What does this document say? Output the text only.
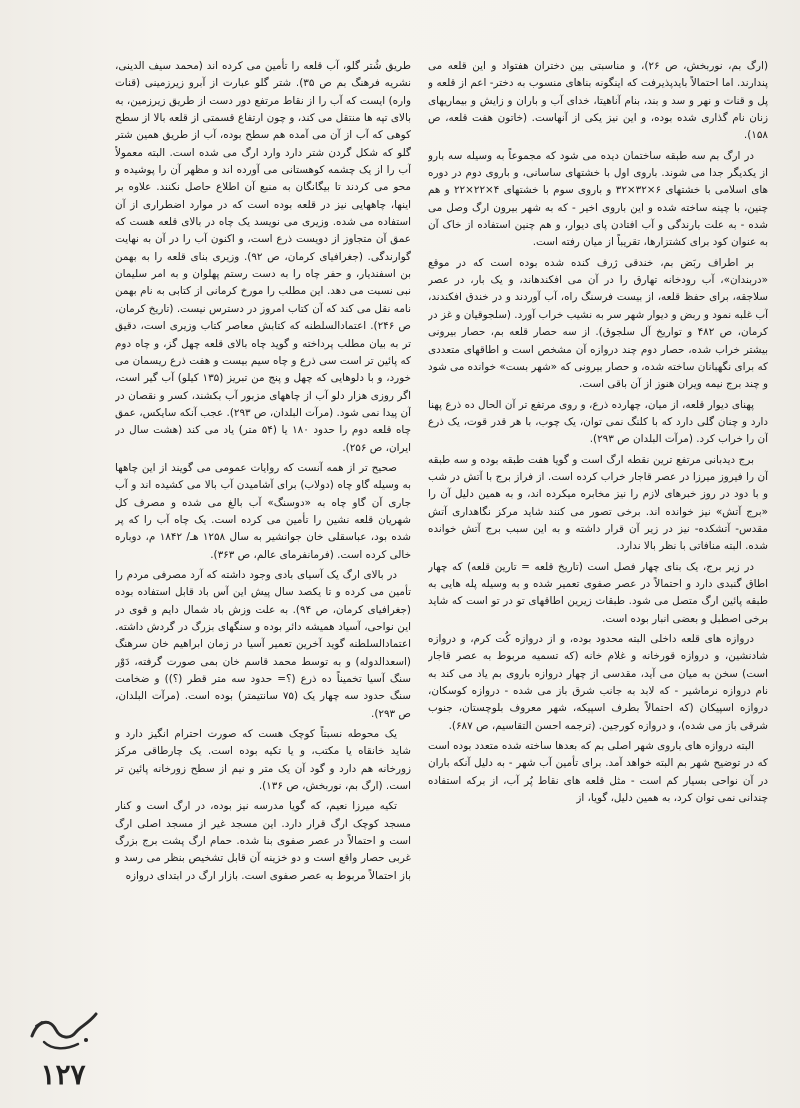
(ارگ بم، نوربخش، ص ۲۶)، و مناسبتی بین دختران هفتواد و این قلعه می پندارند. اما احتمالاً بایدپذیرفت که اینگونه بناهای منسوب به دختر- اعم از قلعه و پل و قنات و نهر و سد و بند، بنام آناهیتا، خدای آب و باران و زایش و بیماریهای زنان نام گذاری شده بوده، و این نیز یکی از آنهاست. (خاتون هفت قلعه، ص ۱۵۸).

در ارگ بم سه طبقه ساختمان دیده می شود که مجموعاً به وسیله سه بارو از یکدیگر جدا می شوند. باروی اول با خشتهای ساسانی، و باروی دوم در دوره های اسلامی با خشتهای ۶×۳۲×۳۲ و باروی سوم با خشتهای ۴×۲۲×۲۲ و هم چنین، با چینه ساخته شده و این باروی اخیر - که به شهر بیرون ارگ وصل می شده - به علت بارندگی و آب افتادن پای دیوار، و هم چنین استفاده از خاک آن به عنوان کود برای کشتزارها، تقریباً از میان رفته است.

بر اطراف ربَض بم، خندقی ژرف کنده شده بوده است که در موقع «دربندان»، آب رودخانه تهارق را در آن می افکندهاند، و یک بار، در عصر سلاجقه، برای حفظ قلعه، از بیست فرسنگ راه، آب آوردند و در خندق افکندند، آب غلبه نمود و ربض و دیوار شهر سر به نشیب خراب آورد. (سلجوقیان و غز در کرمان، ص ۴۸۲ و تواریخ آل سلجوق). از سه حصار قلعه بم، حصار بیرونی بیشتر خراب شده، حصار دوم چند دروازه آن مشخص است و اطاقهای متعددی که برای نگهبانان ساخته شده، و حصار بیرونی که «شهر بست» خوانده می شود و چند برج نیمه ویران هنوز از آن باقی است.

پهنای دیوار قلعه، از میان، چهارده ذرع، و روی مرتفع تر آن الحال ده ذرع پهنا دارد و چنان گلی دارد که با کلنگ نمی توان، یک چوب، با هر قدر قوت، یک ذرع آن را خراب کرد. (مرآت البلدان ص ۲۹۳).

برج دیدبانی مرتفع ترین نقطه ارگ است و گویا هفت طبقه بوده و سه طبقه آن را فیروز میرزا در عصر قاجار خراب کرده است. از فراز برج با آتش در شب و با دود در روز خبرهای لازم را نیز مخابره میکرده اند، و به همین دلیل آن را «برج آتش» نیز خوانده اند. برخی تصور می کنند شاید مرکز نگاهداری آتش مقدس- آتشکده- نیز در زیر آن قرار داشته و به این سبب برج آتش خوانده شده. البته منافاتی با نظر بالا ندارد.

در زیر برج، یک بنای چهار فصل است (تاریخ قلعه = تارین قلعه) که چهار اطاق گنبدی دارد و احتمالاً در عصر صفوی تعمیر شده و به وسیله پله هایی به طبقه پائین ارگ متصل می شود. طبقات زیرین اطاقهای تو در تو است که شاید برخی اصطبل و بعضی انبار بوده است.

دروازه های قلعه داخلی البته محدود بوده، و از دروازه کُت کرم، و دروازه شادنشین، و دروازه قورخانه و غلام خانه (که تسمیه مربوط به عصر قاجار است) سخن به میان می آید، مقدسی از چهار دروازه باروی بم یاد می کند به نام دروازه نرماشیر - که لابد به جانب شرق باز می شده - دروازه کوسکان، دروازه اسپیکان (که احتمالاً بطرف اسپیکه، شهر معروف بلوچستان، جنوب شرقی باز می شده)، و دروازه کورجین. (ترجمه احسن التقاسیم، ص ۶۸۷).

البته دروازه های باروی شهر اصلی بم که بعدها ساخته شده متعدد بوده است که در توضیح شهر بم البته خواهد آمد. برای تأمین آب شهر - به دلیل آنکه باران در آن نواحی بسیار کم است - مثل قلعه های نقاط پُر آب، از برکه استفاده چندانی نمی توان کرد، به همین دلیل، گویا، از

طریق شُتر گلو، آب قلعه را تأمین می کرده اند (محمد سیف الدینی، نشریه فرهنگ بم ص ۳۵). شتر گلو عبارت از آبرو زیرزمینی (قنات واره) ایست که آب را از نقاط مرتفع دور دست از طریق زیرزمین، به بالای تپه ها منتقل می کند، و چون ارتفاع قسمتی از قلعه بالا از سطح کوهی که آب از آن می آمده هم سطح بوده، آب از طریق همین شتر گلو که شکل گردن شتر دارد وارد ارگ می شده است. البته معمولاً آب را از یک چشمه کوهستانی می آورده اند و مظهر آن را پوشیده و محو می کردند تا بیگانگان به منبع آن اطلاع حاصل نکنند. علاوه بر اینها، چاههایی نیز در قلعه بوده است که در موارد اضطراری از آن استفاده می شده. وزیری می نویسد یک چاه در بالای قلعه هست که عمق آن متجاوز از دویست ذرع است، و اکنون آب را در آن به نهایت گوارندگی. (جغرافیای کرمان، ص ۹۲). وزیری بنای قلعه را به بهمن بن اسفندیار، و حفر چاه را به دست رستم پهلوان و به امر سلیمان نبی نسبت می دهد. این مطلب را مورخ کرمانی از کتابی به نام بهمن نامه نقل می کند که آن کتاب امروز در دسترس نیست. (تاریخ کرمان، ص ۲۴۶). اعتمادالسلطنه که کتابش معاصر کتاب وزیری است، دقیق تر به بیان مطلب پرداخته و گوید چاه بالای قلعه چهل گز، و چاه دوم که پائین تر است سی ذرع و چاه سیم بیست و هفت ذرع ریسمان می خورد، و با دلوهایی که چهل و پنج من تبریز (۱۳۵ کیلو) آب گیر است، اگر روزی هزار دلو آب از چاههای مزبور آب بکشند، کسر و نقصان در آن پیدا نمی شود. (مرآت البلدان، ص ۲۹۳). عجب آنکه سایکس، عمق چاه قلعه دوم را حدود ۱۸۰ یا (۵۴ متر) یاد می کند (هشت سال در ایران، ص ۲۵۶).

صحیح تر از همه آنست که روایات عمومی می گویند از این چاهها به وسیله گاو چاه (دولاب) برای آشامیدن آب بالا می کشیده اند و آب جاری آن گاو چاه به «دوسنگ» آب بالغ می شده و مصرف کل شهریان قلعه نشین را تأمین می کرده است. یک چاه آب را که پر شده بود، عباسقلی خان جوانشیر به سال ۱۲۵۸ هـ/ ۱۸۴۲ م، دوباره خالی کرده است. (فرمانفرمای عالم، ص ۳۶۳).

در بالای ارگ یک آسیای بادی وجود داشته که آرد مصرفی مردم را تأمین می کرده و تا یکصد سال پیش این آس باد قابل استفاده بوده (جغرافیای کرمان، ص ۹۴). به علت وزش باد شمال دایم و قوی در این نواحی، آسیاد همیشه دائر بوده و سنگهای بزرگ در گردش داشته. اعتمادالسلطنه گوید آخرین تعمیر آسیا در زمان ابراهیم خان سرهنگ (اسعدالدوله) و به توسط محمد قاسم خان بمی صورت گرفته، دَوْر سنگ آسیا تخمیناً ده ذرع (؟= حدود سه متر قطر (؟)) و ضخامت سنگ حدود سه چهار یک (۷۵ سانتیمتر) بوده است. (مرآت البلدان، ص ۲۹۳).

یک محوطه نسبتاً کوچک هست که صورت احترام انگیز دارد و شاید خانقاه یا مکتب، و یا تکیه بوده است. یک چارطاقی مرکز زورخانه هم دارد و گود آن یک متر و نیم از سطح زورخانه پائین تر است. (ارگ بم، نوربخش، ص ۱۳۶).

تکیه میرزا نعیم، که گویا مدرسه نیز بوده، در ارگ است و کنار مسجد کوچک ارگ قرار دارد. این مسجد غیر از مسجد اصلی ارگ است و احتمالاً در عصر صفوی بنا شده. حمام ارگ پشت برج بزرگ غربی حصار واقع است و دو خزینه آن قابل تشخیص بنظر می رسد و باز احتمالاً مربوط به عصر صفوی است. بازار ارگ در ابتدای دروازه

۱۲۷
